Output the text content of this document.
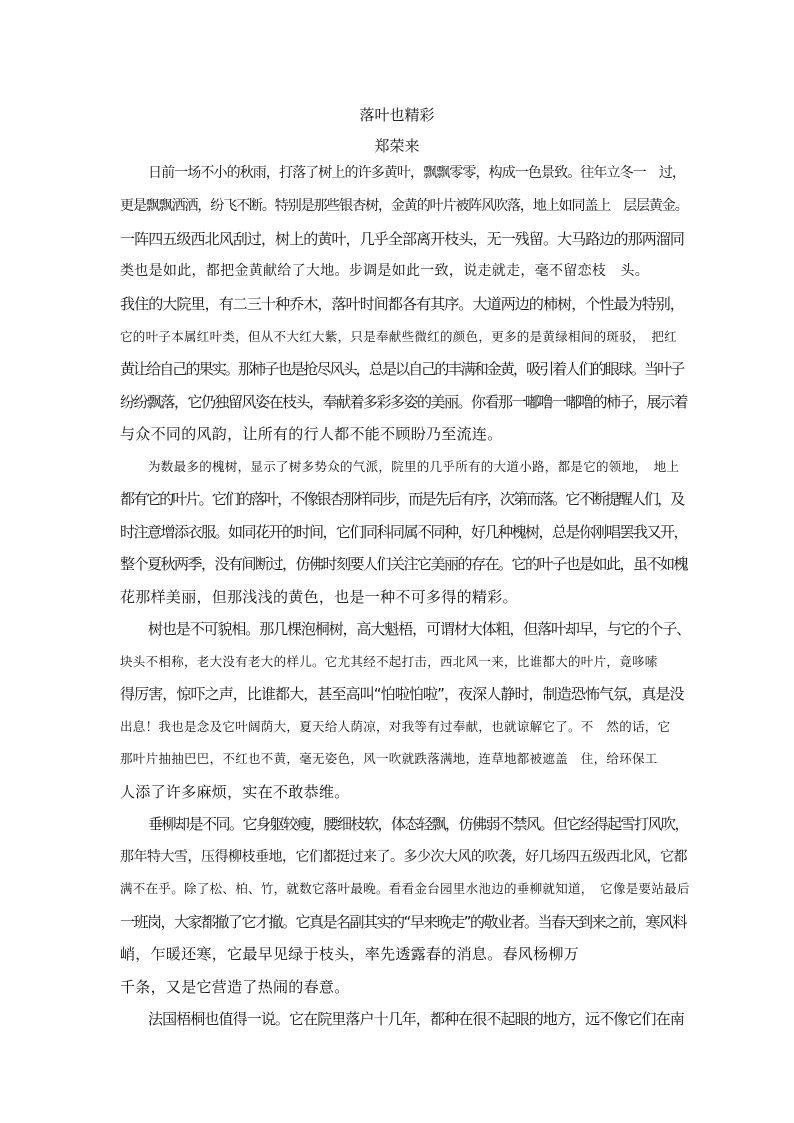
落叶也精彩
郑荣来
日前一场不小的秋雨，打落了树上的许多黄叶，飘飘零零，构成一色景致。往年立冬一　过，
更是飘飘洒洒，纷飞不断。特别是那些银杏树，金黄的叶片被阵风吹落，地上如同盖上　层层黄金。
一阵四五级西北风刮过，树上的黄叶，几乎全部离开枝头，无一残留。大马路边的那两溜同
类也是如此，都把金黄献给了大地。步调是如此一致，说走就走，毫不留恋枝　头。
我住的大院里，有二三十种乔木，落叶时间都各有其序。大道两边的柿树，个性最为特别，
它的叶子本属红叶类，但从不大红大紫，只是奉献些微红的颜色，更多的是黄绿相间的斑驳，　把红
黄让给自己的果实。那柿子也是抢尽风头，总是以自己的丰满和金黄，吸引着人们的眼球。当叶子
纷纷飘落，它仍独留风姿在枝头，奉献着多彩多姿的美丽。你看那一嘟噜一嘟噜的柿子，展示着
与众不同的风韵，让所有的行人都不能不顾盼乃至流连。
为数最多的槐树，显示了树多势众的气派，院里的几乎所有的大道小路，都是它的领地，　地上
都有它的叶片。它们的落叶，不像银杏那样同步，而是先后有序，次第而落。它不断提醒人们，及
时注意增添衣服。如同花开的时间，它们同科同属不同种，好几种槐树，总是你刚唱罢我又开，
整个夏秋两季，没有间断过，仿佛时刻要人们关注它美丽的存在。它的叶子也是如此，虽不如槐
花那样美丽，但那浅浅的黄色，也是一种不可多得的精彩。
树也是不可貌相。那几棵泡桐树，高大魁梧，可谓材大体粗，但落叶却早，与它的个子、
块头不相称，老大没有老大的样儿。它尤其经不起打击，西北风一来，比谁都大的叶片，竟哆嗦
得厉害，惊吓之声，比谁都大，甚至高叫“怕啦怕啦”，夜深人静时，制造恐怖气氛，真是没
出息！我也是念及它叶阔荫大，夏天给人荫凉，对我等有过奉献，也就谅解它了。不　然的话，它
那叶片抽抽巴巴，不红也不黄，毫无姿色，风一吹就跌落满地，连草地都被遮盖　住，给环保工
人添了许多麻烦，实在不敢恭维。
垂柳却是不同。它身躯较瘦，腰细枝软，体态轻飘，仿佛弱不禁风。但它经得起雪打风吹，
那年特大雪，压得柳枝垂地，它们都挺过来了。多少次大风的吹袭，好几场四五级西北风，它都
满不在乎。除了松、柏、竹，就数它落叶最晚。看看金台园里水池边的垂柳就知道，　它像是要站最后
一班岗，大家都撤了它才撤。它真是名副其实的“早来晚走”的敬业者。当春天到来之前，寒风料
峭，乍暖还寒，它最早见绿于枝头，率先透露春的消息。春风杨柳万
千条，又是它营造了热闹的春意。
法国梧桐也值得一说。它在院里落户十几年，都种在很不起眼的地方，远不像它们在南
